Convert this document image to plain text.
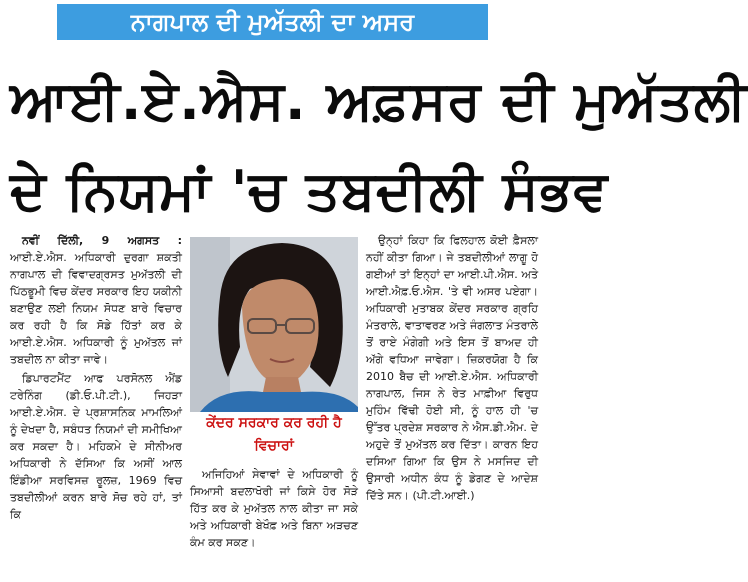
ਨਾਗਪਾਲ ਦੀ ਮੁਅੱਤਲੀ ਦਾ ਅਸਰ
ਆਈ.ਏ.ਐਸ. ਅਫ਼ਸਰ ਦੀ ਮੁਅੱਤਲੀ
ਦੇ ਨਿਯਮਾਂ 'ਚ ਤਬਦੀਲੀ ਸੰਭਵ

ਨਵੀਂ ਦਿੱਲੀ, 9 ਅਗਸਤ : ਆਈ.ਏ.ਐਸ. ਅਧਿਕਾਰੀ ਦੁਰਗਾ ਸ਼ਕਤੀ ਨਾਗਪਾਲ ਦੀ ਵਿਵਾਦਗ੍ਰਸਤ ਮੁਅੱਤਲੀ ਦੀ ਪਿੱਠਭੂਮੀ ਵਿਚ ਕੇਂਦਰ ਸਰਕਾਰ ਇਹ ਯਕੀਨੀ ਬਣਾਉਣ ਲਈ ਨਿਯਮ ਸੋਧਣ ਬਾਰੇ ਵਿਚਾਰ ਕਰ ਰਹੀ ਹੈ ਕਿ ਸੋਡੇ ਹਿੱਤਾਂ ਕਰ ਕੇ ਆਈ.ਏ.ਐਸ. ਅਧਿਕਾਰੀ ਨੂੰ ਮੁਅੱਤਲ ਜਾਂ ਤਬਦੀਲ ਨਾ ਕੀਤਾ ਜਾਵੇ।

ਡਿਪਾਰਟਮੈਂਟ ਆਫ ਪਰਸੋਨਲ ਐਂਡ ਟਰੇਨਿੰਗ (ਡੀ.ਓ.ਪੀ.ਟੀ.), ਜਿਹੜਾ ਆਈ.ਏ.ਐਸ. ਦੇ ਪ੍ਰਸ਼ਾਸਨਿਕ ਮਾਮਲਿਆਂ ਨੂੰ ਦੇਖਦਾ ਹੈ, ਸਬੰਧਤ ਨਿਯਮਾਂ ਦੀ ਸਮੀਖਿਆ ਕਰ ਸਕਦਾ ਹੈ। ਮਹਿਕਮੇ ਦੇ ਸੀਨੀਅਰ ਅਧਿਕਾਰੀ ਨੇ ਦੱਸਿਆ ਕਿ ਅਸੀਂ ਆਲ ਇੰਡੀਆ ਸਰਵਿਸਜ਼ ਰੂਲਜ਼, 1969 ਵਿਚ ਤਬਦੀਲੀਆਂ ਕਰਨ ਬਾਰੇ ਸੋਚ ਰਹੇ ਹਾਂ, ਤਾਂ ਕਿ

ਕੇਂਦਰ ਸਰਕਾਰ ਕਰ ਰਹੀ ਹੈ ਵਿਚਾਰਾਂ

ਅਜਿਹਿਆਂ ਸੇਵਾਵਾਂ ਦੇ ਅਧਿਕਾਰੀ ਨੂੰ ਸਿਆਸੀ ਬਦਲਾਖੋਰੀ ਜਾਂ ਕਿਸੇ ਹੋਰ ਸੋੜੇ ਹਿੱਤ ਕਰ ਕੇ ਮੁਅੱਤਲ ਨਾਲ ਕੀਤਾ ਜਾ ਸਕੇ ਅਤੇ ਅਧਿਕਾਰੀ ਬੇਖੌਫ਼ ਅਤੇ ਬਿਨਾ ਅੜਚਣ ਕੰਮ ਕਰ ਸਕਣ।

ਉਨ੍ਹਾਂ ਕਿਹਾ ਕਿ ਫਿਲਹਾਲ ਕੋਈ ਫ਼ੈਸਲਾ ਨਹੀਂ ਕੀਤਾ ਗਿਆ। ਜੇ ਤਬਦੀਲੀਆਂ ਲਾਗੂ ਹੋ ਗਈਆਂ ਤਾਂ ਇਨ੍ਹਾਂ ਦਾ ਆਈ.ਪੀ.ਐਸ. ਅਤੇ ਆਈ.ਐਫ਼.ਓ.ਐਸ. 'ਤੇ ਵੀ ਅਸਰ ਪਏਗਾ। ਅਧਿਕਾਰੀ ਮੁਤਾਬਕ ਕੇਂਦਰ ਸਰਕਾਰ ਗ੍ਰਹਿ ਮੰਤਰਾਲੇ, ਵਾਤਾਵਰਣ ਅਤੇ ਜੰਗਲਾਤ ਮੰਤਰਾਲੇ ਤੋਂ ਰਾਏ ਮੰਗੇਗੀ ਅਤੇ ਇਸ ਤੋਂ ਬਾਅਦ ਹੀ ਅੱਗੇ ਵਧਿਆ ਜਾਵੇਗਾ। ਜ਼ਿਕਰਯੋਗ ਹੈ ਕਿ 2010 ਬੈਚ ਦੀ ਆਈ.ਏ.ਐਸ. ਅਧਿਕਾਰੀ ਨਾਗਪਾਲ, ਜਿਸ ਨੇ ਰੇਤ ਮਾਫ਼ੀਆ ਵਿਰੁਧ ਮੁਹਿੰਮ ਵਿੱਢੀ ਹੋਈ ਸੀ, ਨੂੰ ਹਾਲ ਹੀ 'ਚ ਉੱਤਰ ਪ੍ਰਦੇਸ਼ ਸਰਕਾਰ ਨੇ ਐਸ.ਡੀ.ਐਮ. ਦੇ ਅਹੁਦੇ ਤੋਂ ਮੁਅੱਤਲ ਕਰ ਦਿੱਤਾ। ਕਾਰਨ ਇਹ ਦਸਿਆ ਗਿਆ ਕਿ ਉਸ ਨੇ ਮਸਜਿਦ ਦੀ ਉਸਾਰੀ ਅਧੀਨ ਕੰਧ ਨੂੰ ਡੇਗਣ ਦੇ ਆਦੇਸ਼ ਦਿੱਤੇ ਸਨ। (ਪੀ.ਟੀ.ਆਈ.)
